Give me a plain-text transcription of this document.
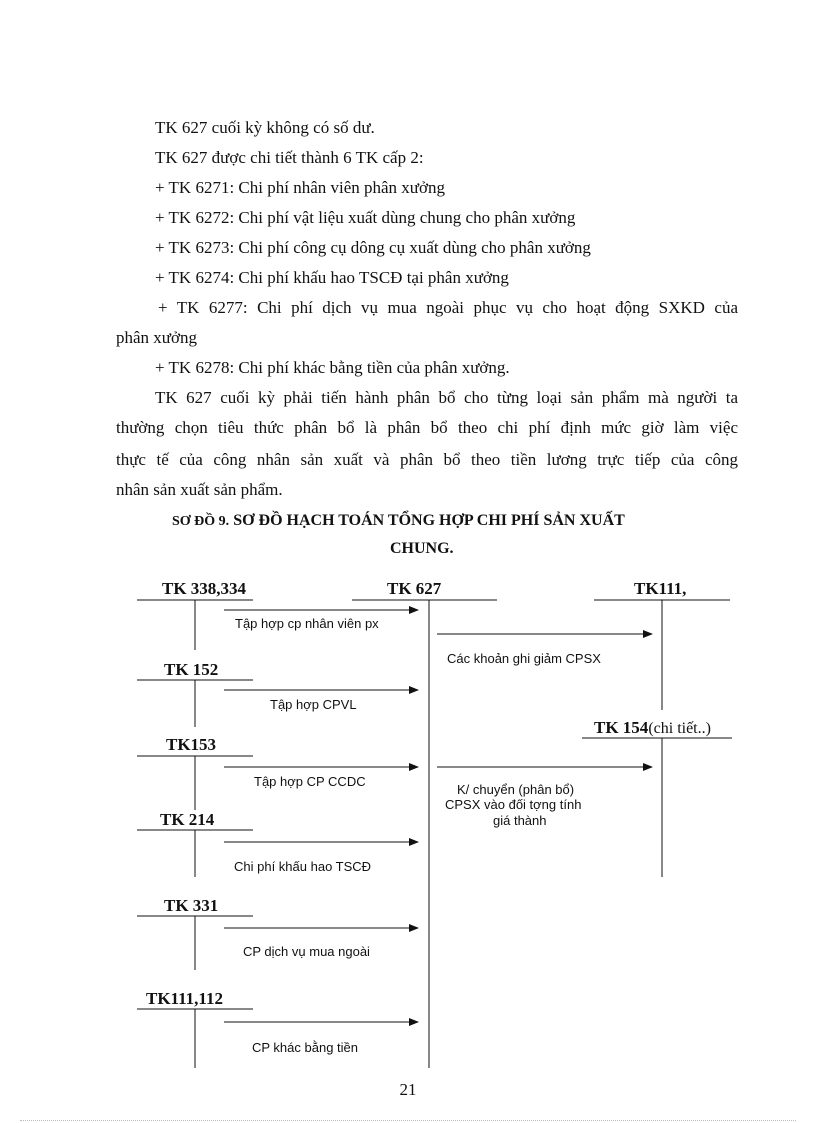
TK 627 cuối kỳ không có số dư.
TK 627 được chi tiết thành 6 TK cấp 2:
+ TK 6271: Chi phí nhân viên phân xưởng
+ TK 6272: Chi phí vật liệu xuất dùng chung cho phân xưởng
+ TK 6273: Chi phí công cụ dông cụ xuất dùng cho phân xưởng
+ TK 6274: Chi phí khấu hao TSCĐ tại phân xưởng
+ TK 6277: Chi phí dịch vụ mua ngoài phục vụ cho hoạt động SXKD của
phân xưởng
+ TK 6278: Chi phí khác bằng tiền của phân xưởng.
TK 627 cuối kỳ phải tiến hành phân bổ cho từng loại sản phẩm mà người ta
thường chọn tiêu thức phân bổ là phân bổ theo chi phí định mức giờ làm việc
thực tế của công nhân sản xuất và phân bổ theo tiền lương trực tiếp của công
nhân sản xuất sản phẩm.
SƠ ĐỒ 9. SƠ ĐỒ HẠCH TOÁN TỔNG HỢP CHI PHÍ SẢN XUẤT
CHUNG.
TK 338,334	TK 627	TK111,
TK 152
TK 154(chi tiết..)
TK153
TK 214
TK 331
TK111,112
Tập hợp cp nhân viên px
Các khoản ghi giảm CPSX
Tập hợp CPVL
Tập hợp CP CCDC
K/ chuyển (phân bổ)
CPSX vào đối tợng tính
giá thành
Chi phí khấu hao TSCĐ
CP dịch vụ mua ngoài
CP khác bằng tiền
21
